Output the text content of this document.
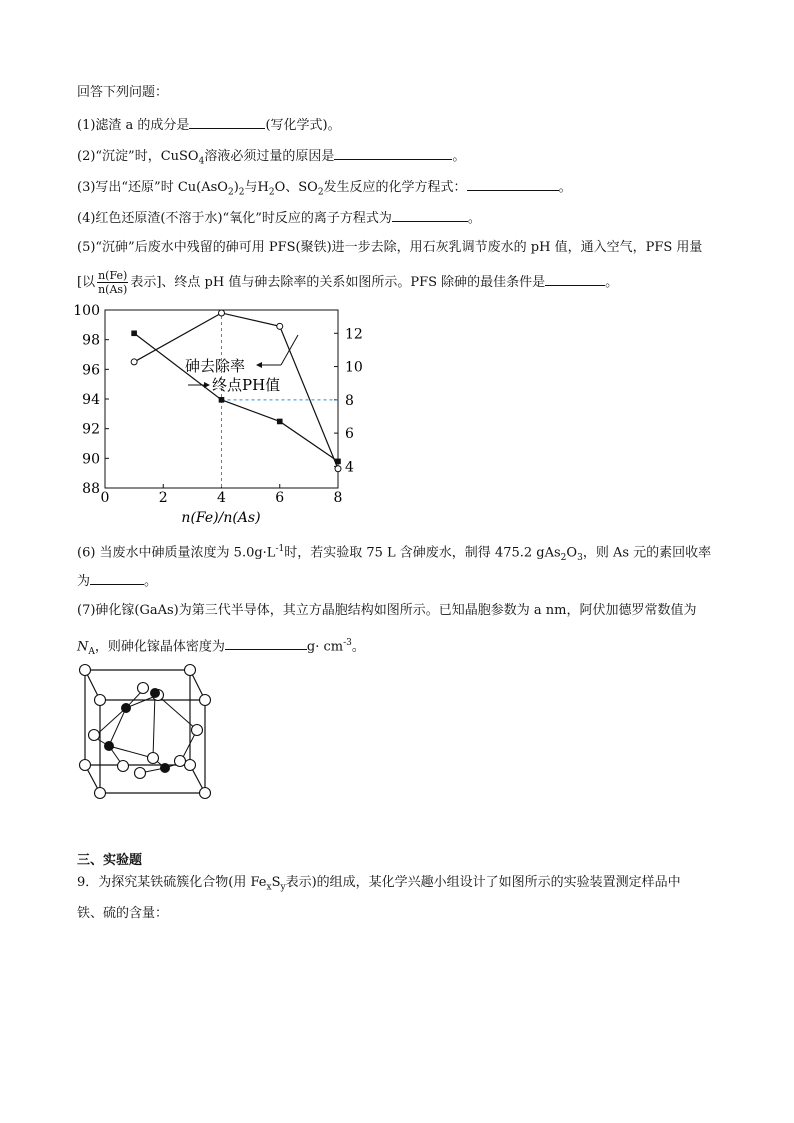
回答下列问题：
(1)滤渣 a 的成分是	(写化学式)。
(2)“沉淀”时，CuSO$_4$溶液必须过量的原因是	。
(3)写出“还原”时 $Cu(AsO_2)_2$与$H_2O$、$SO_2$发生反应的化学方程式：	。
(4)红色还原渣(不溶于水)“氧化”时反应的离子方程式为	。
(5)“沉砷”后废水中残留的砷可用 PFS(聚铁)进一步去除，用石灰乳调节废水的 pH 值，通入空气，PFS 用量
[以 $\frac{n(Fe)}{n(As)}$ 表示]、终点 pH 值与砷去除率的关系如图所示。PFS 除砷的最佳条件是	。
88
90
92
94
96
98
100
4
6
8
10
12
0	2	4	6	8
砷去除率
终点PH值
n(Fe)/n(As)
(6) 当废水中砷质量浓度为 $5.0g\cdot L^{-1}$时，若实验取 75 L 含砷废水，制得 475.2 $gAs_2O_3$，则 As 元的素回收率
为	。
(7)砷化镓(GaAs)为第三代半导体，其立方晶胞结构如图所示。已知晶胞参数为 a nm，阿伏加德罗常数值为
$N_A$，则砷化镓晶体密度为	$g\cdot cm^{-3}$。
三、实验题
9．为探究某铁硫簇化合物(用 $Fe_xS_y$表示)的组成，某化学兴趣小组设计了如图所示的实验装置测定样品中
铁、硫的含量：
